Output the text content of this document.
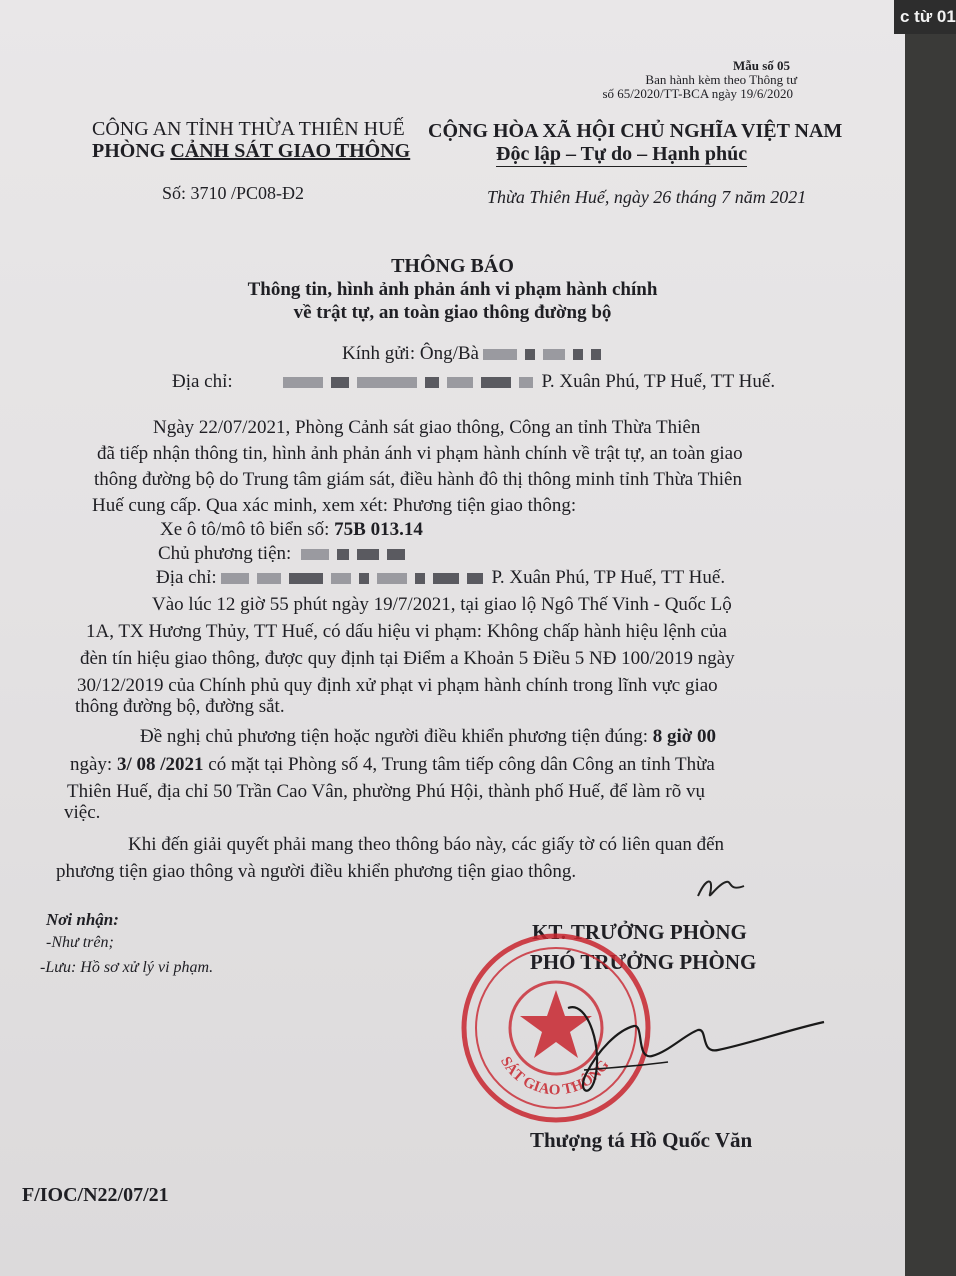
Mẫu số 05
Ban hành kèm theo Thông tư
số 65/2020/TT-BCA ngày 19/6/2020
CÔNG AN TỈNH THỪA THIÊN HUẾ
PHÒNG CẢNH SÁT GIAO THÔNG
CỘNG HÒA XÃ HỘI CHỦ NGHĨA VIỆT NAM
Độc lập – Tự do – Hạnh phúc
Số: 3710 /PC08-Đ2	Thừa Thiên Huế, ngày 26 tháng 7 năm 2021
THÔNG BÁO
Thông tin, hình ảnh phản ánh vi phạm hành chính
về trật tự, an toàn giao thông đường bộ
Kính gửi: Ông/Bà
Địa chỉ:	P. Xuân Phú, TP Huế, TT Huế.
Ngày 22/07/2021, Phòng Cảnh sát giao thông, Công an tỉnh Thừa Thiên
đã tiếp nhận thông tin, hình ảnh phản ánh vi phạm hành chính về trật tự, an toàn giao
thông đường bộ do Trung tâm giám sát, điều hành đô thị thông minh tỉnh Thừa Thiên
Huế cung cấp. Qua xác minh, xem xét: Phương tiện giao thông:
Xe ô tô/mô tô biển số: 75B 013.14
Chủ phương tiện:
Địa chỉ:	P. Xuân Phú, TP Huế, TT Huế.
Vào lúc 12 giờ 55 phút ngày 19/7/2021, tại giao lộ Ngô Thế Vinh - Quốc Lộ
1A, TX Hương Thủy, TT Huế, có dấu hiệu vi phạm: Không chấp hành hiệu lệnh của
đèn tín hiệu giao thông, được quy định tại Điểm a Khoản 5 Điều 5 NĐ 100/2019 ngày
30/12/2019 của Chính phủ quy định xử phạt vi phạm hành chính trong lĩnh vực giao
thông đường bộ, đường sắt.
Đề nghị chủ phương tiện hoặc người điều khiển phương tiện đúng: 8 giờ 00
ngày: 3/ 08 /2021 có mặt tại Phòng số 4, Trung tâm tiếp công dân Công an tỉnh Thừa
Thiên Huế, địa chỉ 50 Trần Cao Vân, phường Phú Hội, thành phố Huế, để làm rõ vụ
việc.
Khi đến giải quyết phải mang theo thông báo này, các giấy tờ có liên quan đến
phương tiện giao thông và người điều khiển phương tiện giao thông.
Nơi nhận:
-Như trên;
-Lưu: Hồ sơ xử lý vi phạm.
KT. TRƯỞNG PHÒNG
PHÓ TRƯỞNG PHÒNG
SÁT GIAO THÔNG
Thượng tá Hồ Quốc Văn
F/IOC/N22/07/21
c từ 01
